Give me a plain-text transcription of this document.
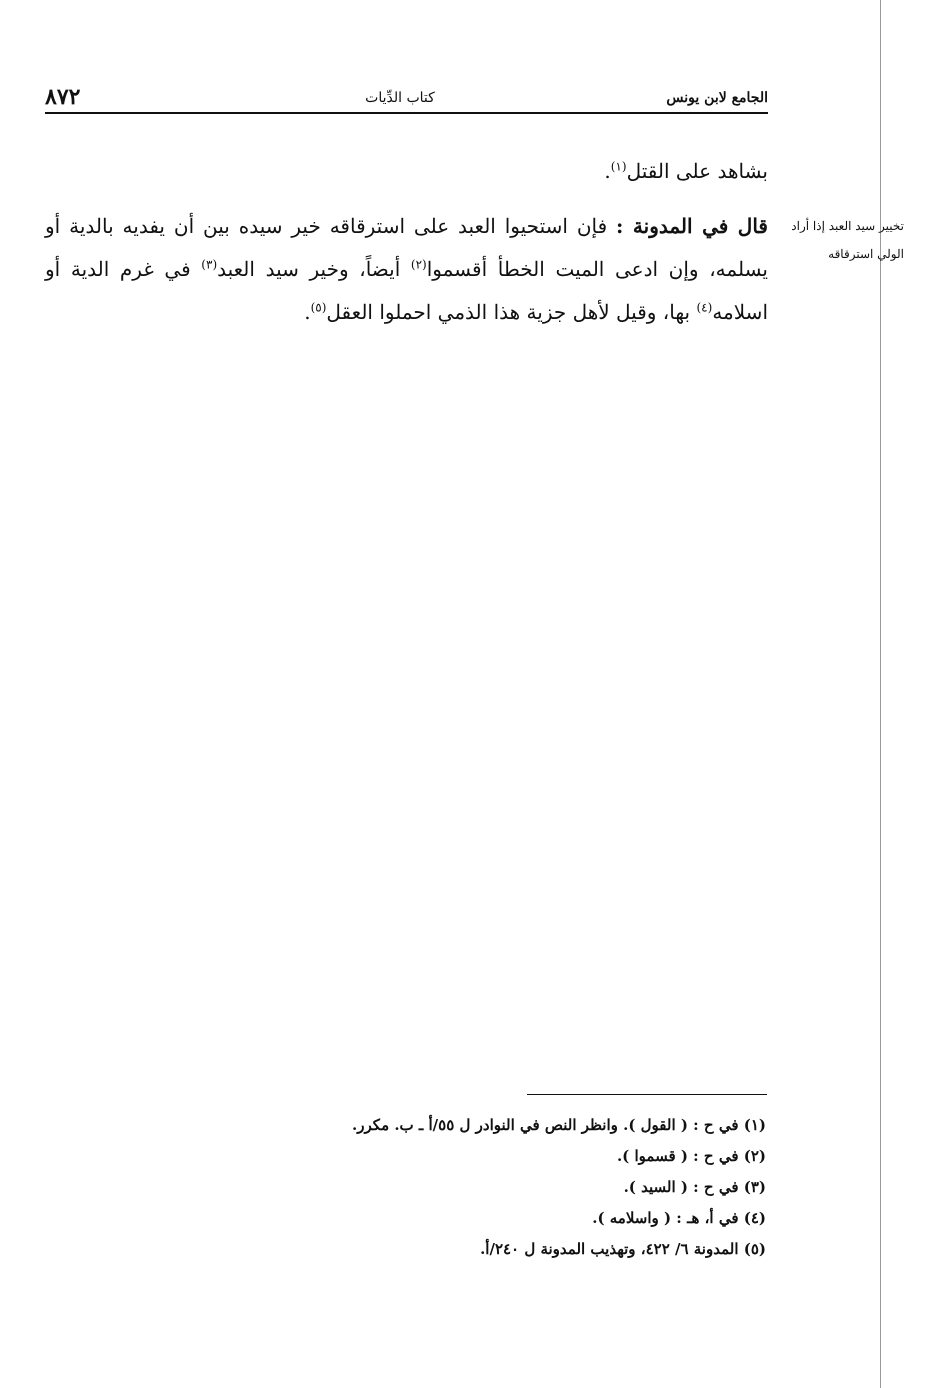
٨٧٢	كتاب الدِّيات	الجامع لابن يونس

بشاهد على القتل$^{(١)}$.

قال في المدونة : فإن استحيوا العبد على استرقاقه خير سيده بين أن يفديه بالدية أو يسلمه، وإن ادعى الميت الخطأ أقسموا$^{(٢)}$ أيضاً، وخير سيد العبد$^{(٣)}$ في غرم الدية أو اسلامه$^{(٤)}$ بها، وقيل لأهل جزية هذا الذمي احملوا العقل$^{(٥)}$.

تخيير سيد العبد إذا أراد الولي استرقاقه
(١) في ح : ( القول ). وانظر النص في النوادر ل ٥٥/أ ـ ب. مكرر.
(٢) في ح : ( قسموا ).
(٣) في ح : ( السيد ).
(٤) في أ، هـ : ( واسلامه ).
(٥) المدونة ٦/ ٤٢٢، وتهذيب المدونة ل ٢٤٠/أ.
